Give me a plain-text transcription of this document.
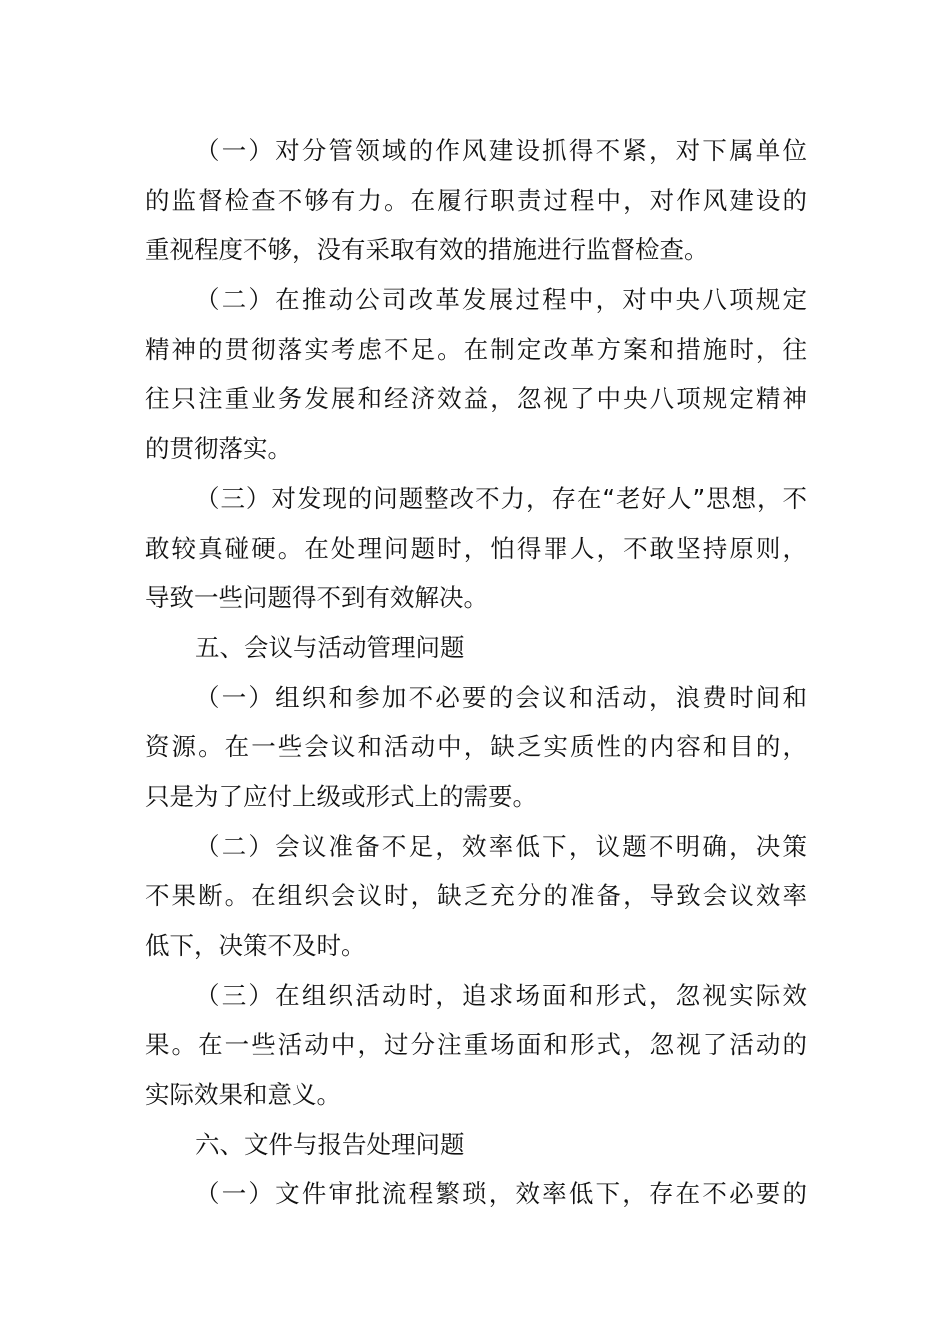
（一）对分管领域的作风建设抓得不紧，对下属单位
的监督检查不够有力。在履行职责过程中，对作风建设的
重视程度不够，没有采取有效的措施进行监督检查。
（二）在推动公司改革发展过程中，对中央八项规定
精神的贯彻落实考虑不足。在制定改革方案和措施时，往
往只注重业务发展和经济效益，忽视了中央八项规定精神
的贯彻落实。
（三）对发现的问题整改不力，存在“老好人”思想，不
敢较真碰硬。在处理问题时，怕得罪人，不敢坚持原则，
导致一些问题得不到有效解决。
五、会议与活动管理问题
（一）组织和参加不必要的会议和活动，浪费时间和
资源。在一些会议和活动中，缺乏实质性的内容和目的，
只是为了应付上级或形式上的需要。
（二）会议准备不足，效率低下，议题不明确，决策
不果断。在组织会议时，缺乏充分的准备，导致会议效率
低下，决策不及时。
（三）在组织活动时，追求场面和形式，忽视实际效
果。在一些活动中，过分注重场面和形式，忽视了活动的
实际效果和意义。
六、文件与报告处理问题
（一）文件审批流程繁琐，效率低下，存在不必要的
